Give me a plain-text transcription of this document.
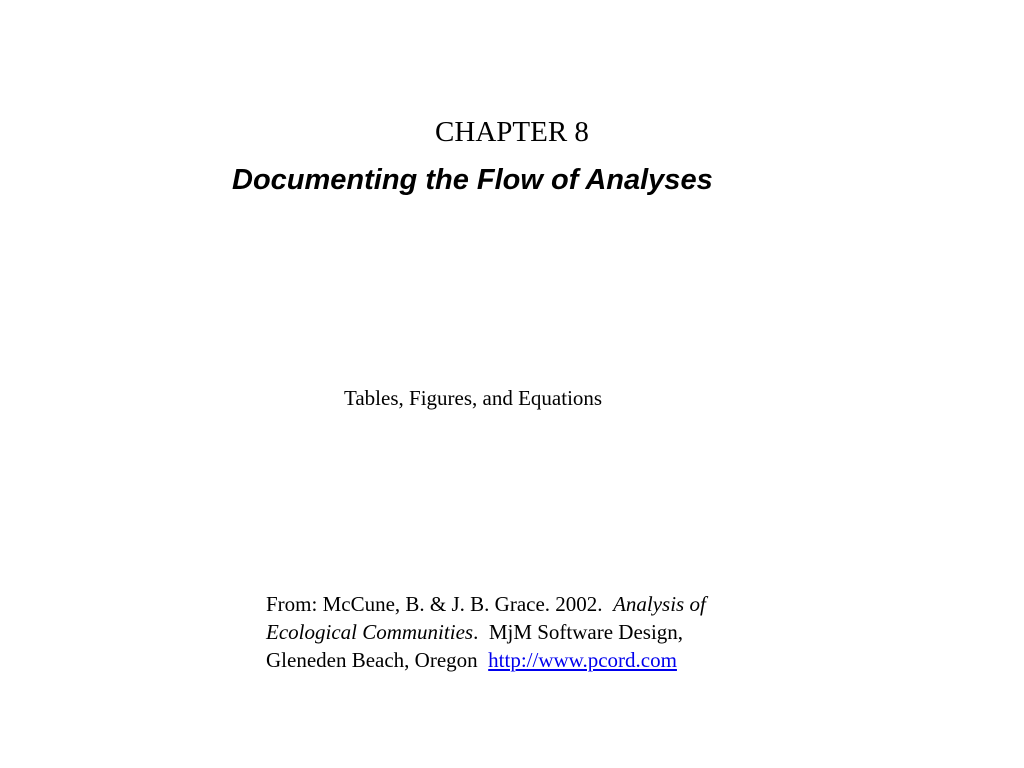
CHAPTER 8
Documenting the Flow of Analyses
Tables, Figures, and Equations
From: McCune, B. & J. B. Grace. 2002.  Analysis of
Ecological Communities.  MjM Software Design,
Gleneden Beach, Oregon  http://www.pcord.com
